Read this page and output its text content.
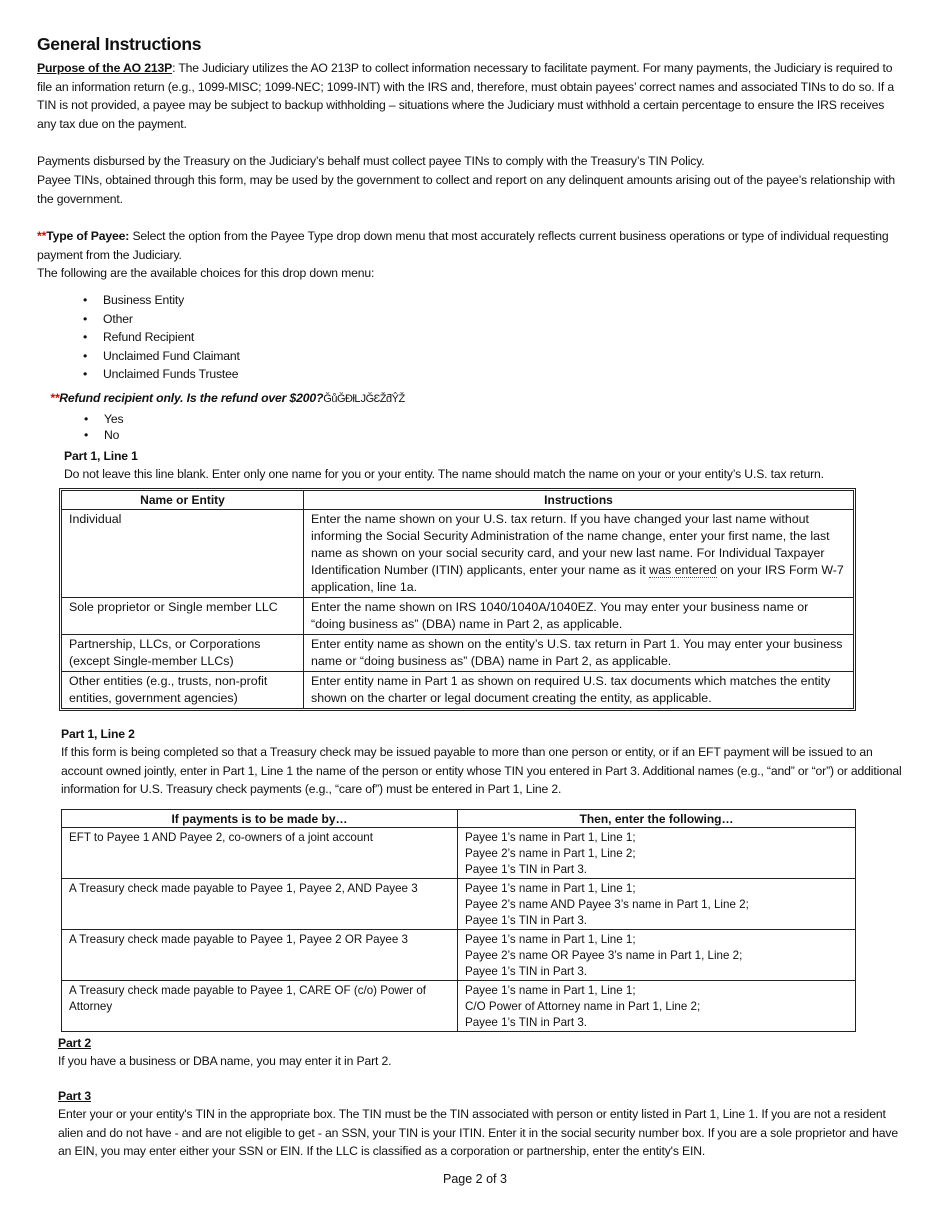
General Instructions
Purpose of the AO 213P: The Judiciary utilizes the AO 213P to collect information necessary to facilitate payment. For many payments, the Judiciary is required to file an information return (e.g., 1099-MISC; 1099-NEC; 1099-INT) with the IRS and, therefore, must obtain payees’ correct names and associated TINs to do so. If a TIN is not provided, a payee may be subject to backup withholding – situations where the Judiciary must withhold a certain percentage to ensure the IRS receives any tax due on the payment.
Payments disbursed by the Treasury on the Judiciary’s behalf must collect payee TINs to comply with the Treasury’s TIN Policy.
Payee TINs, obtained through this form, may be used by the government to collect and report on any delinquent amounts arising out of the payee’s relationship with the government.
**Type of Payee: Select the option from the Payee Type drop down menu that most accurately reflects current business operations or type of individual requesting payment from the Judiciary.
The following are the available choices for this drop down menu:
• Business Entity
• Other
• Refund Recipient
• Unclaimed Fund Claimant
• Unclaimed Funds Trustee
**Refund recipient only. Is the refund over $200?ĞůĞĐƚǇĞƐŽƌŶŽ
• Yes
• No
Part 1, Line 1
Do not leave this line blank. Enter only one name for you or your entity. The name should match the name on your or your entity’s U.S. tax return.
Name or Entity	Instructions
Individual	Enter the name shown on your U.S. tax return. If you have changed your last name without informing the Social Security Administration of the name change, enter your first name, the last name as shown on your social security card, and your new last name. For Individual Taxpayer Identification Number (ITIN) applicants, enter your name as it was entered on your IRS Form W-7 application, line 1a.
Sole proprietor or Single member LLC	Enter the name shown on IRS 1040/1040A/1040EZ. You may enter your business name or “doing business as” (DBA) name in Part 2, as applicable.
Partnership, LLCs, or Corporations (except Single-member LLCs)	Enter entity name as shown on the entity’s U.S. tax return in Part 1. You may enter your business name or “doing business as” (DBA) name in Part 2, as applicable.
Other entities (e.g., trusts, non-profit entities, government agencies)	Enter entity name in Part 1 as shown on required U.S. tax documents which matches the entity shown on the charter or legal document creating the entity, as applicable.
Part 1, Line 2
If this form is being completed so that a Treasury check may be issued payable to more than one person or entity, or if an EFT payment will be issued to an account owned jointly, enter in Part 1, Line 1 the name of the person or entity whose TIN you entered in Part 3. Additional names (e.g., “and” or “or”) or additional information for U.S. Treasury check payments (e.g., “care of”) must be entered in Part 1, Line 2.
If payments is to be made by…	Then, enter the following…
EFT to Payee 1 AND Payee 2, co-owners of a joint account	Payee 1’s name in Part 1, Line 1;
Payee 2’s name in Part 1, Line 2;
Payee 1’s TIN in Part 3.

A Treasury check made payable to Payee 1, Payee 2, AND Payee 3	Payee 1’s name in Part 1, Line 1;
Payee 2’s name AND Payee 3’s name in Part 1, Line 2;
Payee 1’s TIN in Part 3.

A Treasury check made payable to Payee 1, Payee 2 OR Payee 3	Payee 1’s name in Part 1, Line 1;
Payee 2’s name OR Payee 3’s name in Part 1, Line 2;
Payee 1’s TIN in Part 3.

A Treasury check made payable to Payee 1, CARE OF (c/o) Power of Attorney	Payee 1’s name in Part 1, Line 1;
C/O Power of Attorney name in Part 1, Line 2;
Payee 1’s TIN in Part 3.
Part 2
If you have a business or DBA name, you may enter it in Part 2.
Part 3
Enter your or your entity's TIN in the appropriate box. The TIN must be the TIN associated with person or entity listed in Part 1, Line 1. If you are not a resident alien and do not have - and are not eligible to get - an SSN, your TIN is your ITIN. Enter it in the social security number box. If you are a sole proprietor and have an EIN, you may enter either your SSN or EIN. If the LLC is classified as a corporation or partnership, enter the entity's EIN.
Page 2 of 3
